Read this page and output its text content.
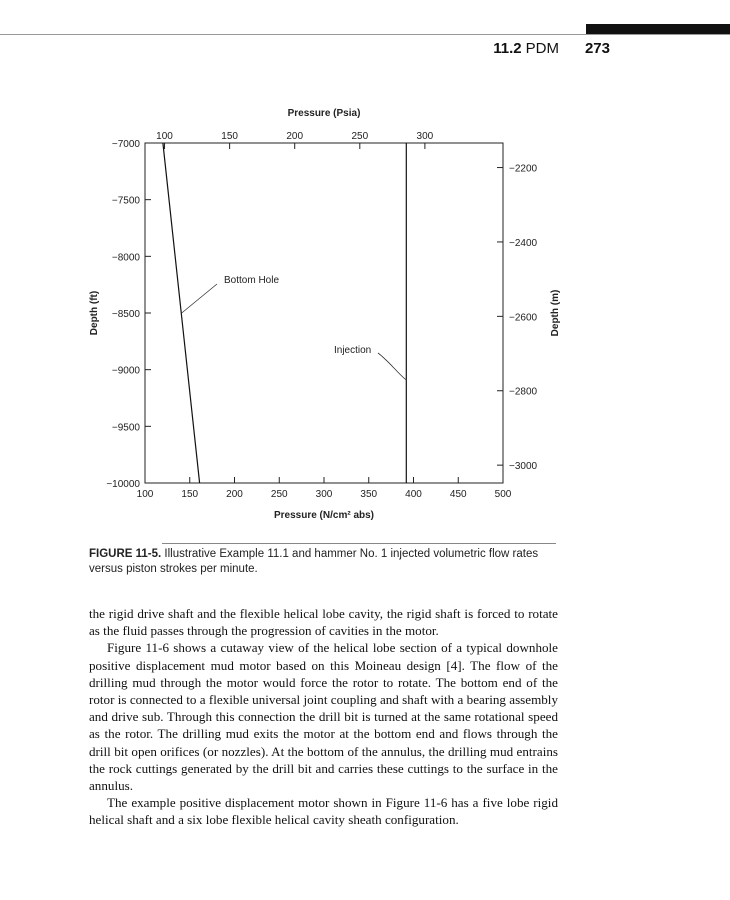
11.2 PDM 273
100	150	200	250	300	350	400	450	500
Pressure (N/cm² abs)
100	150	200	250	300
Pressure (Psia)
−7000
−7500
−8000
−8500
−9000
−9500
−10000
Depth (ft)
−2200
−2400
−2600
−2800
−3000
Depth (m)
Bottom Hole
Injection
FIGURE 11-5. Illustrative Example 11.1 and hammer No. 1 injected volumetric flow rates versus piston strokes per minute.

the rigid drive shaft and the flexible helical lobe cavity, the rigid shaft is forced to rotate as the fluid passes through the progression of cavities in the motor.

Figure 11-6 shows a cutaway view of the helical lobe section of a typical downhole positive displacement mud motor based on this Moineau design [4]. The flow of the drilling mud through the motor would force the rotor to rotate. The bottom end of the rotor is connected to a flexible universal joint coupling and shaft with a bearing assembly and drive sub. Through this connection the drill bit is turned at the same rotational speed as the rotor. The drilling mud exits the motor at the bottom end and flows through the drill bit open orifices (or nozzles). At the bottom of the annulus, the drilling mud entrains the rock cuttings generated by the drill bit and carries these cuttings to the surface in the annulus.

The example positive displacement motor shown in Figure 11-6 has a five lobe rigid helical shaft and a six lobe flexible helical cavity sheath configuration.
